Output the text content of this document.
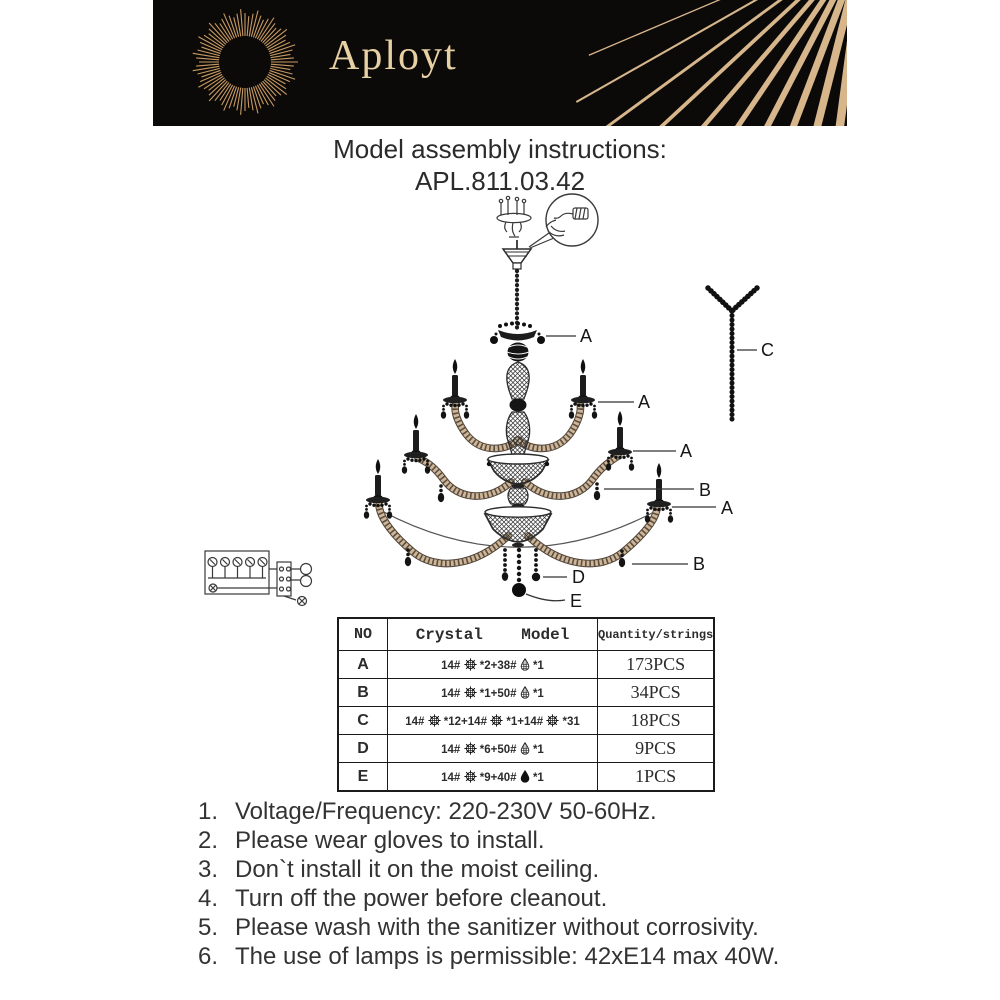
Aployt
Model assembly instructions:
APL.811.03.42
A
A
A
B
A
B
C
D
E
NO	Crystal    Model	Quantity/strings
A	14#  *2+38#  *1	173PCS
B	14#  *1+50#  *1	34PCS
C	14#  *12+14#  *1+14#  *31	18PCS
D	14#  *6+50#  *1	9PCS
E	14#  *9+40#  *1	1PCS
1. Voltage/Frequency: 220-230V 50-60Hz.
2. Please wear gloves to install.
3. Don`t install it on the moist ceiling.
4. Turn off the power before cleanout.
5. Please wash with the sanitizer without corrosivity.
6. The use of lamps is permissible: 42xE14 max 40W.
